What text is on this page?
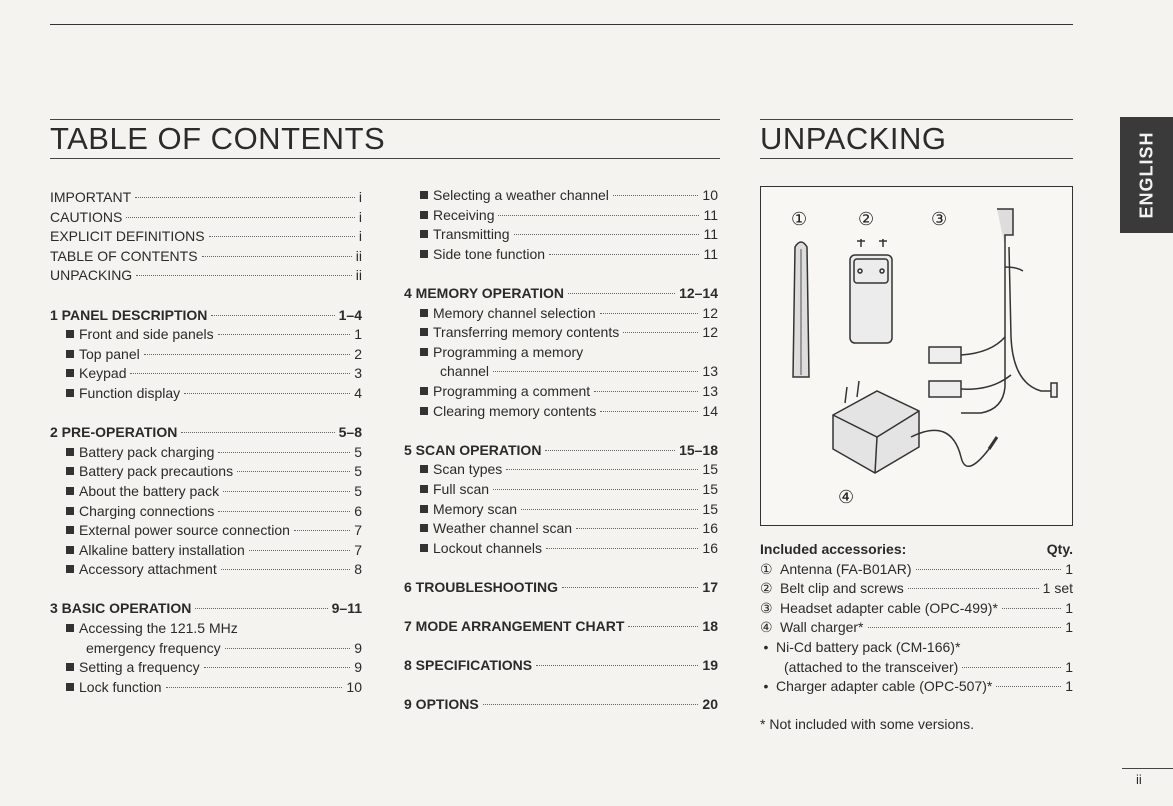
TABLE OF CONTENTS	UNPACKING	ENGLISH
IMPORTANT	i
CAUTIONS	i
EXPLICIT DEFINITIONS	i
TABLE OF CONTENTS	ii
UNPACKING	ii
1 PANEL DESCRIPTION	1–4
Front and side panels	1
Top panel	2
Keypad	3
Function display	4
2 PRE-OPERATION	5–8
Battery pack charging	5
Battery pack precautions	5
About the battery pack	5
Charging connections	6
External power source connection	7
Alkaline battery installation	7
Accessory attachment	8
3 BASIC OPERATION	9–11
Accessing the 121.5 MHz
emergency frequency	9
Setting a frequency	9
Lock function	10
Selecting a weather channel	10
Receiving	11
Transmitting	11
Side tone function	11
4 MEMORY OPERATION	12–14
Memory channel selection	12
Transferring memory contents	12
Programming a memory
channel	13
Programming a comment	13
Clearing memory contents	14
5 SCAN OPERATION	15–18
Scan types	15
Full scan	15
Memory scan	15
Weather channel scan	16
Lockout channels	16
6 TROUBLESHOOTING	17
7 MODE ARRANGEMENT CHART	18
8 SPECIFICATIONS	19
9 OPTIONS	20
①	②	③
④
Included accessories:	Qty.
① Antenna (FA-B01AR)	1
② Belt clip and screws	1 set
③ Headset adapter cable (OPC-499)*	1
④ Wall charger*	1
• Ni-Cd battery pack (CM-166)*
(attached to the transceiver)	1
• Charger adapter cable (OPC-507)*	1
* Not included with some versions.
ii
